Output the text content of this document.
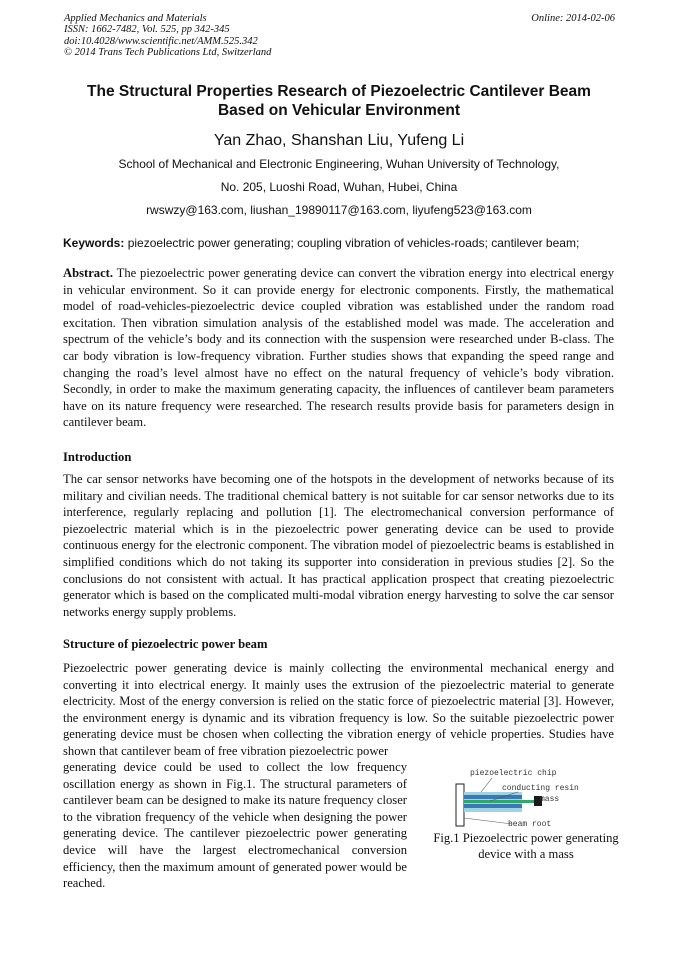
Applied Mechanics and Materials
ISSN: 1662-7482, Vol. 525, pp 342-345
doi:10.4028/www.scientific.net/AMM.525.342
© 2014 Trans Tech Publications Ltd, Switzerland
Online: 2014-02-06
The Structural Properties Research of Piezoelectric Cantilever Beam
Based on Vehicular Environment
Yan Zhao, Shanshan Liu, Yufeng Li
School of Mechanical and Electronic Engineering, Wuhan University of Technology,
No. 205, Luoshi Road, Wuhan, Hubei, China
rwswzy@163.com, liushan_19890117@163.com, liyufeng523@163.com
Keywords: piezoelectric power generating; coupling vibration of vehicles-roads; cantilever beam;

Abstract. The piezoelectric power generating device can convert the vibration energy into electrical energy in vehicular environment. So it can provide energy for electronic components. Firstly, the mathematical model of road-vehicles-piezoelectric device coupled vibration was established under the random road excitation. Then vibration simulation analysis of the established model was made. The acceleration and spectrum of the vehicle’s body and its connection with the suspension were researched under B-class. The car body vibration is low-frequency vibration. Further studies shows that expanding the speed range and changing the road’s level almost have no effect on the natural frequency of vehicle’s body vibration. Secondly, in order to make the maximum generating capacity, the influences of cantilever beam parameters have on its nature frequency were researched. The research results provide basis for parameters design in cantilever beam.

Introduction

The car sensor networks have becoming one of the hotspots in the development of networks because of its military and civilian needs. The traditional chemical battery is not suitable for car sensor networks due to its interference, regularly replacing and pollution [1]. The electromechanical conversion performance of piezoelectric material which is in the piezoelectric power generating device can be used to provide continuous energy for the electronic component. The vibration model of piezoelectric beams is established in simplified conditions which do not taking its supporter into consideration in previous studies [2]. So the conclusions do not consistent with actual. It has practical application prospect that creating piezoelectric generator which is based on the complicated multi-modal vibration energy harvesting to solve the car sensor networks energy supply problems.

Structure of piezoelectric power beam

Piezoelectric power generating device is mainly collecting the environmental mechanical energy and converting it into electrical energy. It mainly uses the extrusion of the piezoelectric material to generate electricity. Most of the energy conversion is relied on the static force of piezoelectric material [3]. However, the environment energy is dynamic and its vibration frequency is low. So the suitable piezoelectric power generating device must be chosen when collecting the vibration energy of vehicle properties. Studies have shown that cantilever beam of free vibration piezoelectric power

generating device could be used to collect the low frequency oscillation energy as shown in Fig.1. The structural parameters of cantilever beam can be designed to make its nature frequency closer to the vibration frequency of the vehicle when designing the power generating device. The cantilever piezoelectric power generating device will have the largest electromechanical conversion efficiency, then the maximum amount of generated power would be reached.

piezoelectric chip
conducting resin
mass
beam root
Fig.1 Piezoelectric power generating device with a mass
